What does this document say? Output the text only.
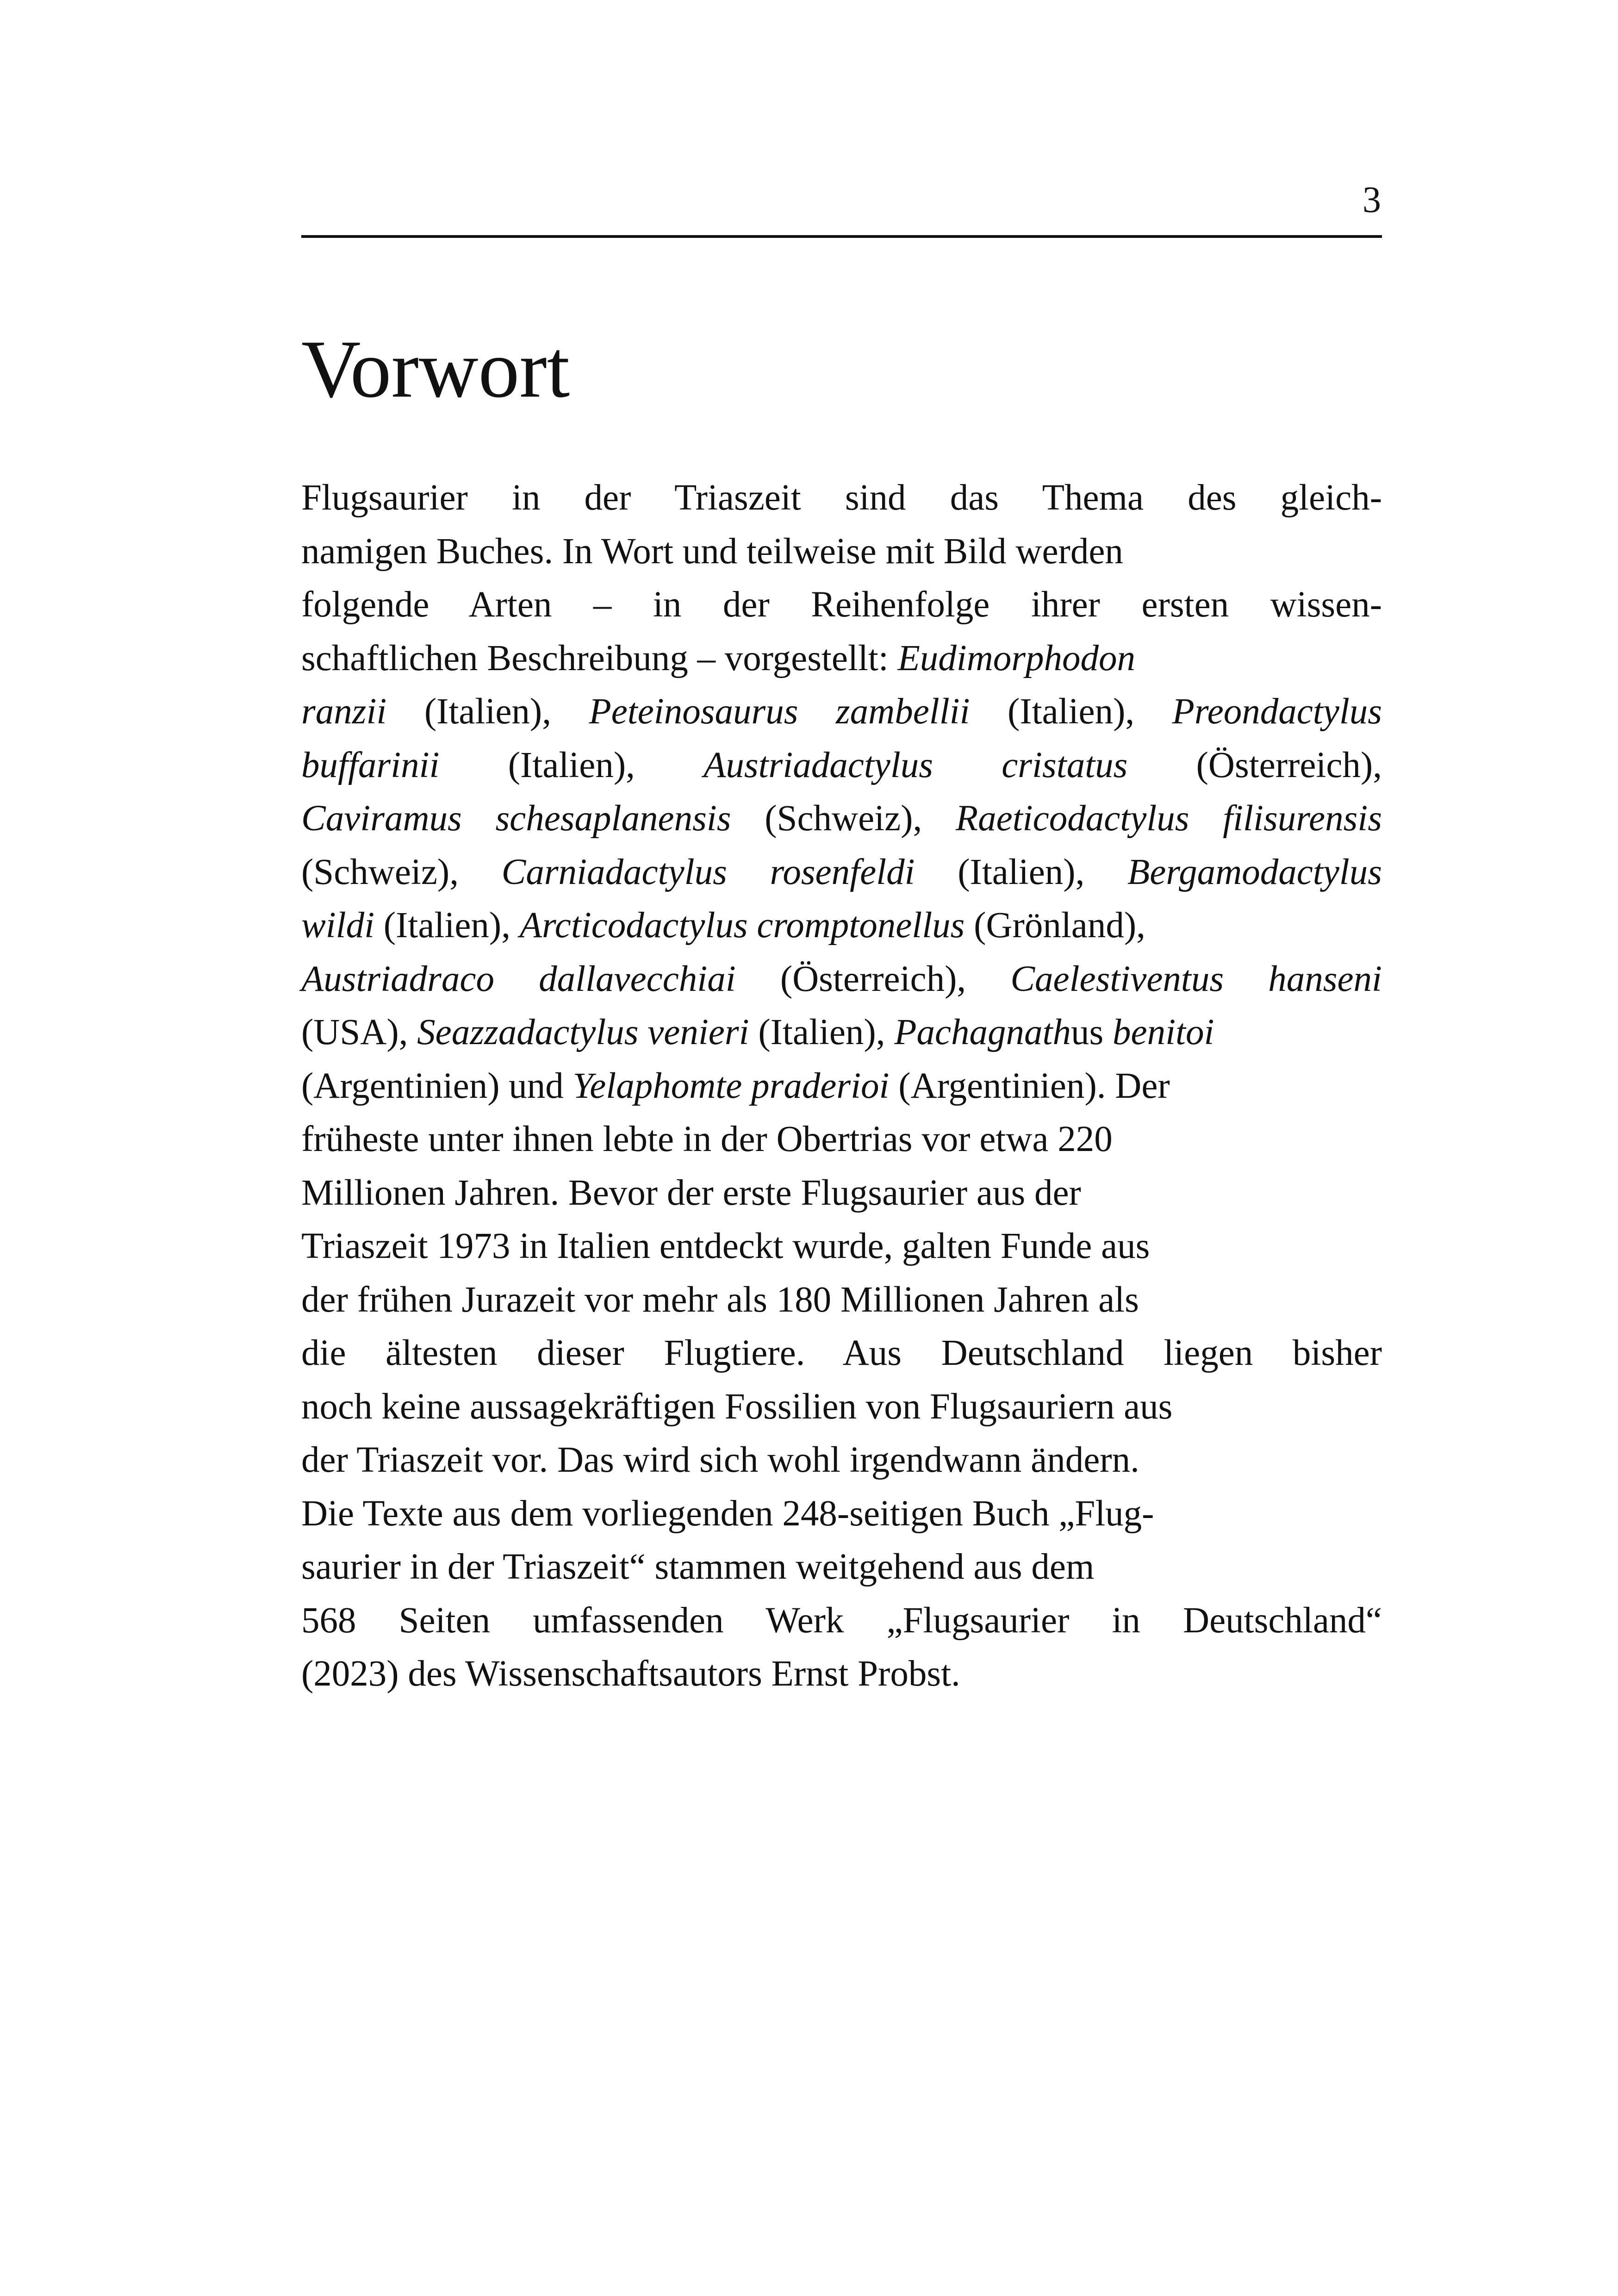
3
Vorwort
Flugsaurier in der Triaszeit sind das Thema des gleich-
namigen Buches. In Wort und teilweise mit Bild werden
folgende Arten – in der Reihenfolge ihrer ersten wissen-
schaftlichen Beschreibung – vorgestellt: Eudimorphodon
ranzii (Italien), Peteinosaurus zambellii (Italien), Preondactylus
buffarinii (Italien), Austriadactylus cristatus (Österreich),
Caviramus schesaplanensis (Schweiz), Raeticodactylus filisurensis
(Schweiz), Carniadactylus rosenfeldi (Italien), Bergamodactylus
wildi (Italien), Arcticodactylus cromptonellus (Grönland),
Austriadraco dallavecchiai (Österreich), Caelestiventus hanseni
(USA), Seazzadactylus venieri (Italien), Pachagnathus benitoi
(Argentinien) und Yelaphomte praderioi (Argentinien). Der
früheste unter ihnen lebte in der Obertrias vor etwa 220
Millionen Jahren. Bevor der erste Flugsaurier aus der
Triaszeit 1973 in Italien entdeckt wurde, galten Funde aus
der frühen Jurazeit vor mehr als 180 Millionen Jahren als
die ältesten dieser Flugtiere. Aus Deutschland liegen bisher
noch keine aussagekräftigen Fossilien von Flugsauriern aus
der Triaszeit vor. Das wird sich wohl irgendwann ändern.
Die Texte aus dem vorliegenden 248-seitigen Buch „Flug-
saurier in der Triaszeit“ stammen weitgehend aus dem
568 Seiten umfassenden Werk „Flugsaurier in Deutschland“
(2023) des Wissenschaftsautors Ernst Probst.
